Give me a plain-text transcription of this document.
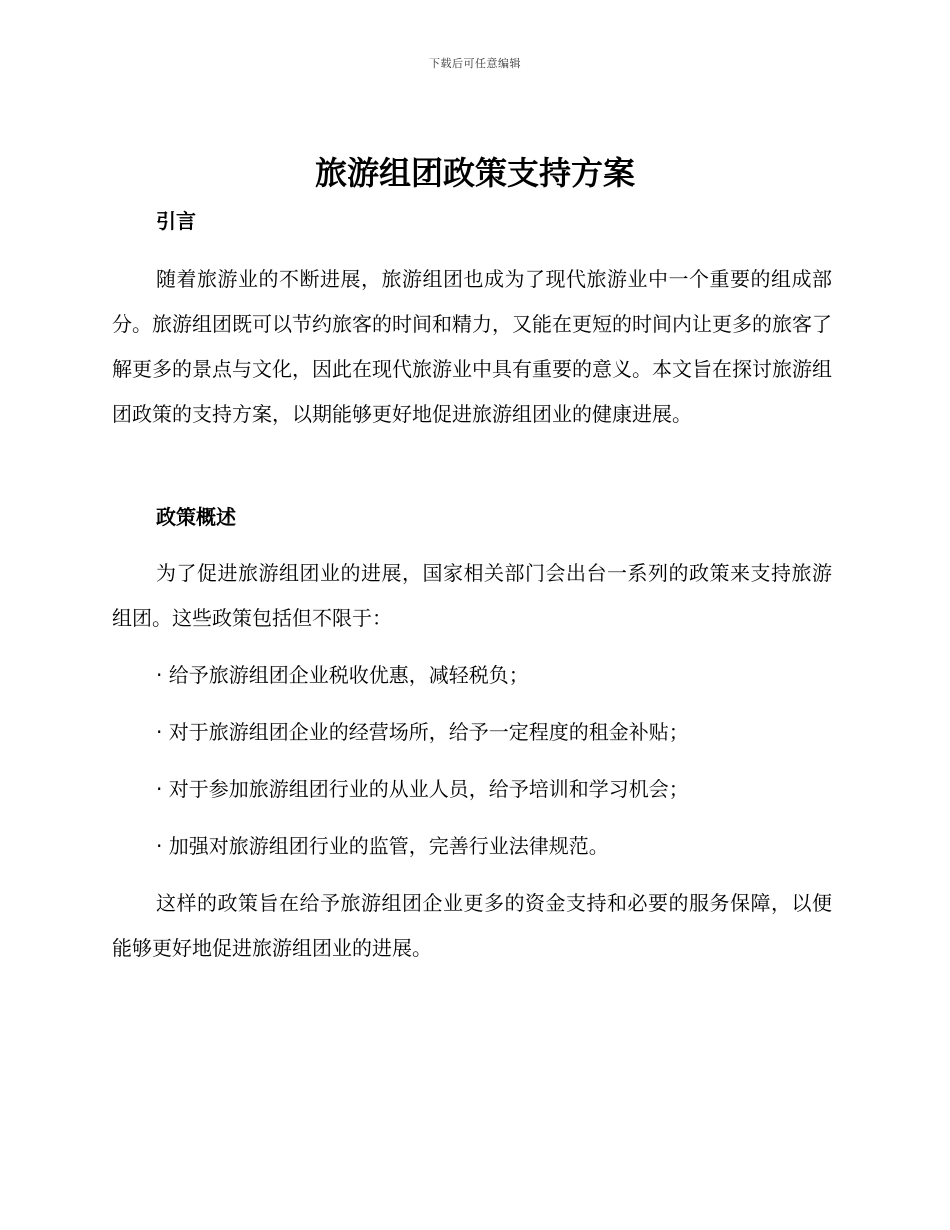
下载后可任意编辑
旅游组团政策支持方案
引言

随着旅游业的不断进展，旅游组团也成为了现代旅游业中一个重要的组成部分。旅游组团既可以节约旅客的时间和精力，又能在更短的时间内让更多的旅客了解更多的景点与文化，因此在现代旅游业中具有重要的意义。本文旨在探讨旅游组团政策的支持方案，以期能够更好地促进旅游组团业的健康进展。

政策概述

为了促进旅游组团业的进展，国家相关部门会出台一系列的政策来支持旅游组团。这些政策包括但不限于：

· 给予旅游组团企业税收优惠，减轻税负；

· 对于旅游组团企业的经营场所，给予一定程度的租金补贴；

· 对于参加旅游组团行业的从业人员，给予培训和学习机会；

· 加强对旅游组团行业的监管，完善行业法律规范。

这样的政策旨在给予旅游组团企业更多的资金支持和必要的服务保障，以便能够更好地促进旅游组团业的进展。
